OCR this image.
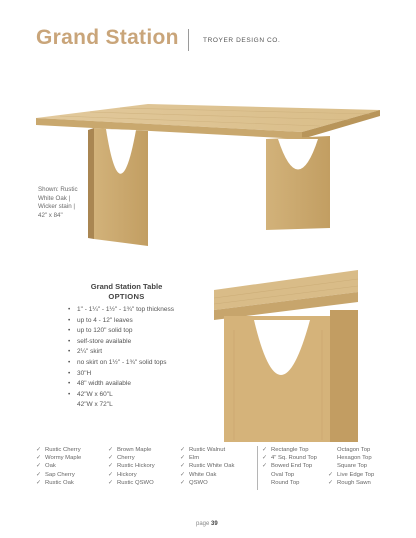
Grand Station	TROYER DESIGN CO.
Shown: Rustic
White Oak |
Wicker stain |
42" x 84"
Grand Station Table
OPTIONS
• 1" - 1¼" - 1½" - 1¾" top thickness
• up to 4 - 12" leaves
• up to 120" solid top
• self-store available
• 2¼" skirt
• no skirt on 1½" - 1¾" solid tops
• 30"H
• 48" width available
• 42"W x 60"L
42"W x 72"L
✓ Rustic Cherry
✓ Wormy Maple
✓ Oak
✓ Sap Cherry
✓ Rustic Oak
✓ Brown Maple
✓ Cherry
✓ Rustic Hickory
✓ Hickory
✓ Rustic QSWO
✓ Rustic Walnut
✓ Elm
✓ Rustic White Oak
✓ White Oak
✓ QSWO
✓ Rectangle Top
✓ 4" Sq. Round Top
✓ Bowed End Top
Oval Top
Round Top
Octagon Top
Hexagon Top
Square Top
✓ Live Edge Top
✓ Rough Sawn
page 39
